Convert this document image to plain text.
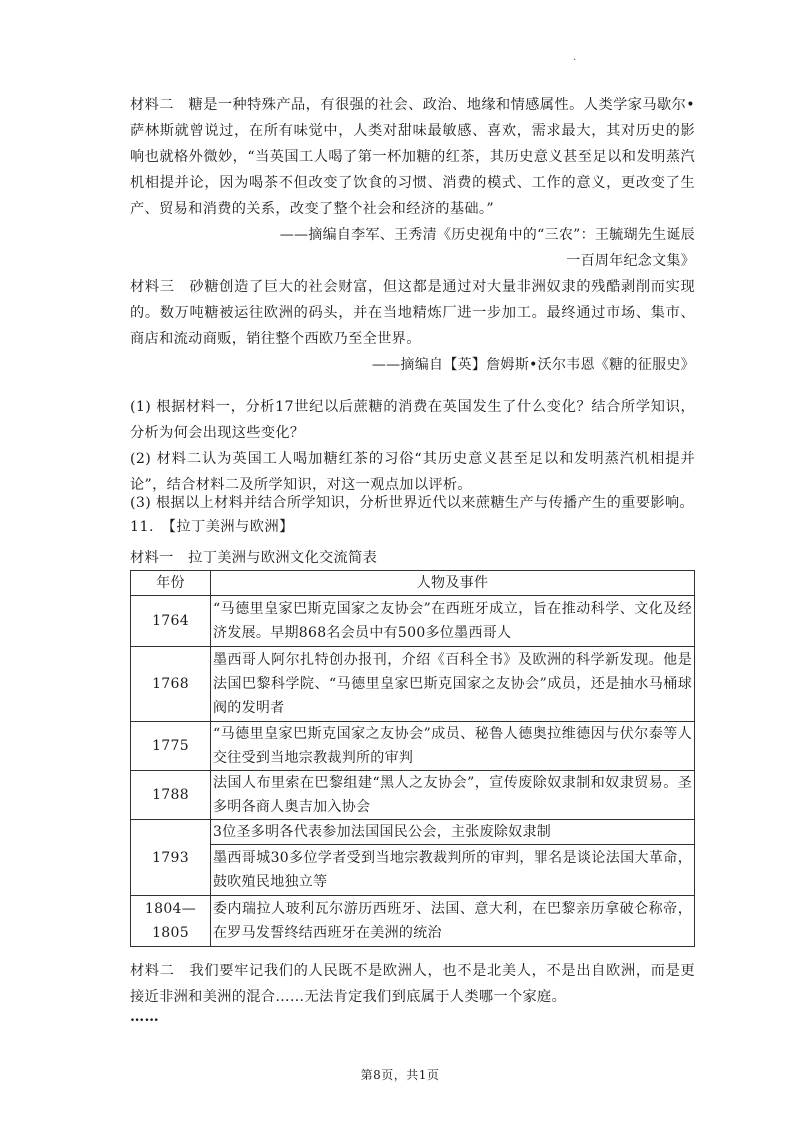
.
材料二　糖是一种特殊产品，有很强的社会、政治、地缘和情感属性。人类学家马歇尔•萨林斯就曾说过，在所有味觉中，人类对甜味最敏感、喜欢，需求最大，其对历史的影响也就格外微妙，“当英国工人喝了第一杯加糖的红茶，其历史意义甚至足以和发明蒸汽机相提并论，因为喝茶不但改变了饮食的习惯、消费的模式、工作的意义，更改变了生产、贸易和消费的关系，改变了整个社会和经济的基础。”
——摘编自李军、王秀清《历史视角中的“三农”：王毓瑚先生诞辰
一百周年纪念文集》
材料三　砂糖创造了巨大的社会财富，但这都是通过对大量非洲奴隶的残酷剥削而实现的。数万吨糖被运往欧洲的码头，并在当地精炼厂进一步加工。最终通过市场、集市、商店和流动商贩，销往整个西欧乃至全世界。
——摘编自【英】詹姆斯•沃尔韦恩《糖的征服史》
(1) 根据材料一，分析17世纪以后蔗糖的消费在英国发生了什么变化？结合所学知识，分析为何会出现这些变化？
(2) 材料二认为英国工人喝加糖红茶的习俗“其历史意义甚至足以和发明蒸汽机相提并论”，结合材料二及所学知识，对这一观点加以评析。
(3) 根据以上材料并结合所学知识，分析世界近代以来蔗糖生产与传播产生的重要影响。
11.　【拉丁美洲与欧洲】
材料一　拉丁美洲与欧洲文化交流简表
年份	人物及事件
1764	“马德里皇家巴斯克国家之友协会”在西班牙成立，旨在推动科学、文化及经济发展。早期868名会员中有500多位墨西哥人
1768	墨西哥人阿尔扎特创办报刊，介绍《百科全书》及欧洲的科学新发现。他是法国巴黎科学院、“马德里皇家巴斯克国家之友协会”成员，还是抽水马桶球阀的发明者
1775	“马德里皇家巴斯克国家之友协会”成员、秘鲁人德奥拉维德因与伏尔泰等人交往受到当地宗教裁判所的审判
1788	法国人布里索在巴黎组建“黑人之友协会”，宣传废除奴隶制和奴隶贸易。圣多明各商人奥吉加入协会
1793	3位圣多明各代表参加法国国民公会，主张废除奴隶制
	墨西哥城30多位学者受到当地宗教裁判所的审判，罪名是谈论法国大革命，鼓吹殖民地独立等
1804—1805	委内瑞拉人玻利瓦尔游历西班牙、法国、意大利，在巴黎亲历拿破仑称帝，在罗马发誓终结西班牙在美洲的统治
材料二　我们要牢记我们的人民既不是欧洲人，也不是北美人，不是出自欧洲，而是更接近非洲和美洲的混合……无法肯定我们到底属于人类哪一个家庭。
……
第8页，共1页
